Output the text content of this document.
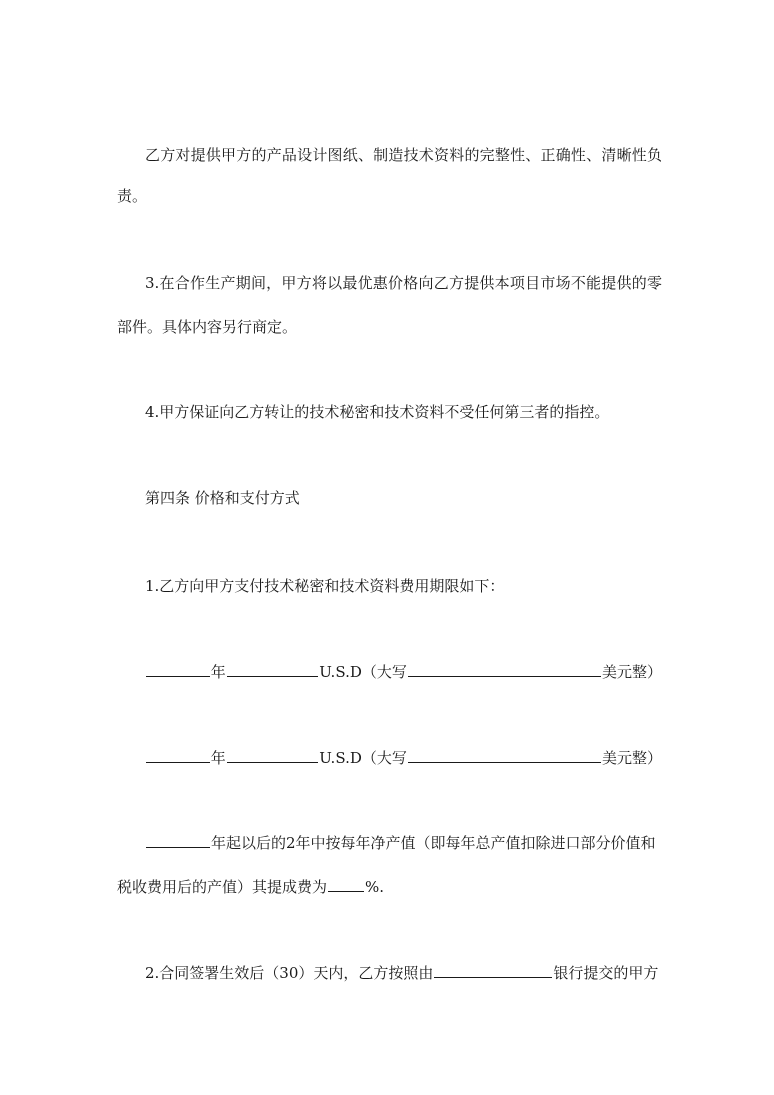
乙方对提供甲方的产品设计图纸、制造技术资料的完整性、正确性、清晰性负
责。
3.在合作生产期间，甲方将以最优惠价格向乙方提供本项目市场不能提供的零
部件。具体内容另行商定。
4.甲方保证向乙方转让的技术秘密和技术资料不受任何第三者的指控。
第四条 价格和支付方式
1.乙方向甲方支付技术秘密和技术资料费用期限如下：
年	U.S.D（大写	美元整）
年	U.S.D（大写	美元整）
年起以后的2年中按每年净产值（即每年总产值扣除进口部分价值和
税收费用后的产值）其提成费为	%.
2.合同签署生效后（30）天内，乙方按照由	银行提交的甲方
